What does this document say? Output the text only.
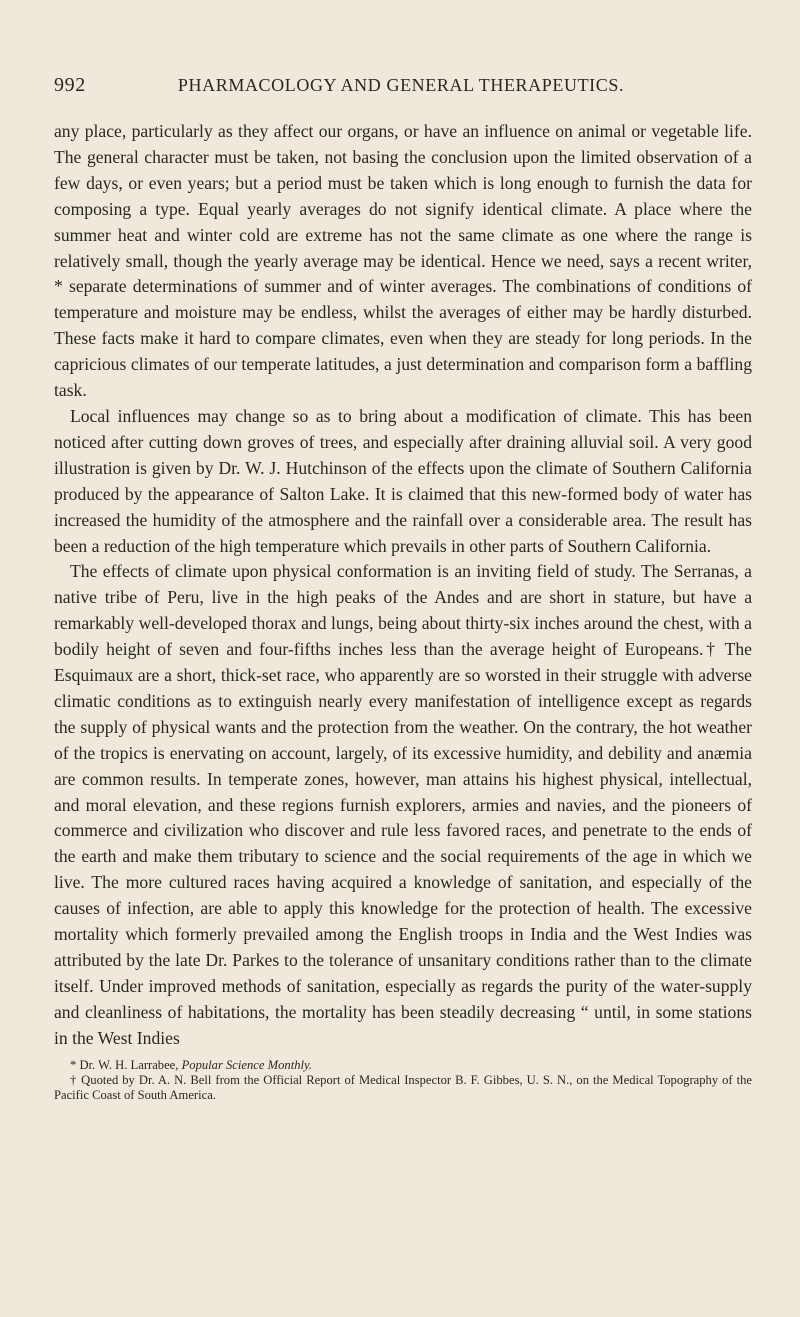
992	PHARMACOLOGY AND GENERAL THERAPEUTICS.

any place, particularly as they affect our organs, or have an influence on animal or vegetable life. The general character must be taken, not basing the conclusion upon the limited observation of a few days, or even years; but a period must be taken which is long enough to furnish the data for composing a type. Equal yearly averages do not signify identical climate. A place where the summer heat and winter cold are extreme has not the same climate as one where the range is relatively small, though the yearly average may be identical. Hence we need, says a recent writer, * separate determinations of summer and of winter averages. The combinations of conditions of temperature and moisture may be endless, whilst the averages of either may be hardly disturbed. These facts make it hard to compare climates, even when they are steady for long periods. In the capricious climates of our temperate latitudes, a just determination and comparison form a baffling task.

Local influences may change so as to bring about a modification of climate. This has been noticed after cutting down groves of trees, and especially after draining alluvial soil. A very good illustration is given by Dr. W. J. Hutchinson of the effects upon the climate of Southern California produced by the appearance of Salton Lake. It is claimed that this new-formed body of water has increased the humidity of the atmosphere and the rainfall over a considerable area. The result has been a reduction of the high temperature which prevails in other parts of Southern California.

The effects of climate upon physical conformation is an inviting field of study. The Serranas, a native tribe of Peru, live in the high peaks of the Andes and are short in stature, but have a remarkably well-developed thorax and lungs, being about thirty-six inches around the chest, with a bodily height of seven and four-fifths inches less than the average height of Europeans.† The Esquimaux are a short, thick-set race, who apparently are so worsted in their struggle with adverse climatic conditions as to extinguish nearly every manifestation of intelligence except as regards the supply of physical wants and the protection from the weather. On the contrary, the hot weather of the tropics is enervating on account, largely, of its excessive humidity, and debility and anæmia are common results. In temperate zones, however, man attains his highest physical, intellectual, and moral elevation, and these regions furnish explorers, armies and navies, and the pioneers of commerce and civilization who discover and rule less favored races, and penetrate to the ends of the earth and make them tributary to science and the social requirements of the age in which we live. The more cultured races having acquired a knowledge of sanitation, and especially of the causes of infection, are able to apply this knowledge for the protection of health. The excessive mortality which formerly prevailed among the English troops in India and the West Indies was attributed by the late Dr. Parkes to the tolerance of unsanitary conditions rather than to the climate itself. Under improved methods of sanitation, especially as regards the purity of the water-supply and cleanliness of habitations, the mortality has been steadily decreasing “ until, in some stations in the West Indies

* Dr. W. H. Larrabee, Popular Science Monthly.

† Quoted by Dr. A. N. Bell from the Official Report of Medical Inspector B. F. Gibbes, U. S. N., on the Medical Topography of the Pacific Coast of South America.
